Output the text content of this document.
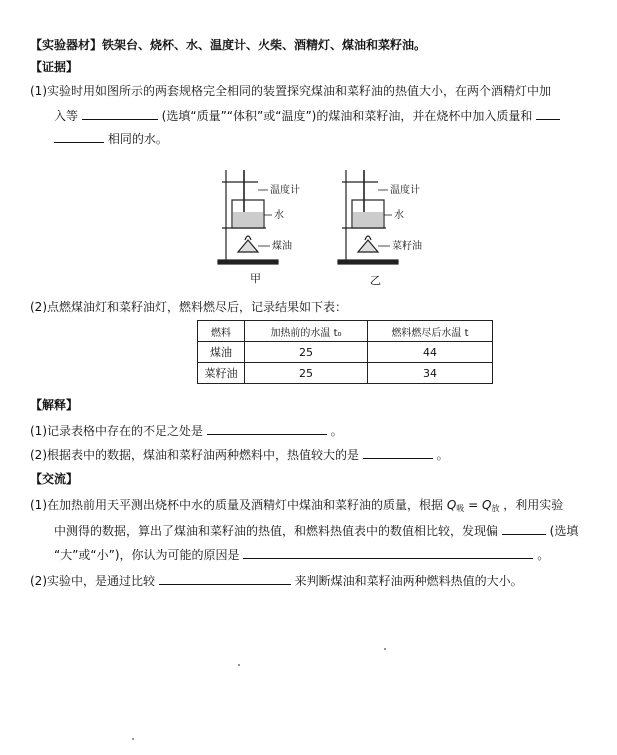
【实验器材】铁架台、烧杯、水、温度计、火柴、酒精灯、煤油和菜籽油。
【证据】
(1)实验时用如图所示的两套规格完全相同的装置探究煤油和菜籽油的热值大小，在两个酒精灯中加
入等	(选填“质量”“体积”或“温度”)的煤油和菜籽油，并在烧杯中加入质量和
相同的水。
温度计
水
煤油
温度计
水
菜籽油
甲	乙
(2)点燃煤油灯和菜籽油灯，燃料燃尽后，记录结果如下表：
燃料	加热前的水温 t₀	燃料燃尽后水温 t
煤油	25	44
菜籽油	25	34
【解释】
(1)记录表格中存在的不足之处是	。
(2)根据表中的数据，煤油和菜籽油两种燃料中，热值较大的是	。
【交流】
(1)在加热前用天平测出烧杯中水的质量及酒精灯中煤油和菜籽油的质量，根据 $Q_吸 = Q_放$ ，利用实验
中测得的数据，算出了煤油和菜籽油的热值，和燃料热值表中的数值相比较，发现偏	(选填
“大”或“小”)，你认为可能的原因是	。
(2)实验中，是通过比较	来判断煤油和菜籽油两种燃料热值的大小。
